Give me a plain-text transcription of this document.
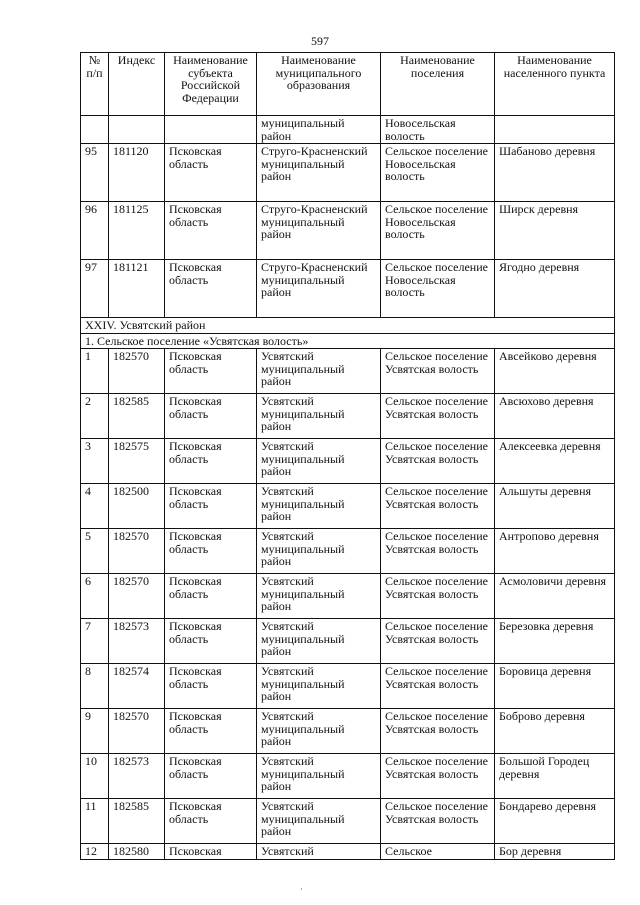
597
№ п/п	Индекс	Наименование субъекта Российской Федерации	Наименование муниципального образования	Наименование поселения	Наименование населенного пункта
			муниципальный район	Новосельская волость	
95	181120	Псковская область	Струго-Красненский муниципальный район	Сельское поселение Новосельская волость	Шабаново деревня
96	181125	Псковская область	Струго-Красненский муниципальный район	Сельское поселение Новосельская волость	Ширск деревня
97	181121	Псковская область	Струго-Красненский муниципальный район	Сельское поселение Новосельская волость	Ягодно деревня
XXIV. Усвятский район					
1. Сельское поселение «Усвятская волость»					
1	182570	Псковская область	Усвятский муниципальный район	Сельское поселение Усвятская волость	Авсейково деревня
2	182585	Псковская область	Усвятский муниципальный район	Сельское поселение Усвятская волость	Авсюхово деревня
3	182575	Псковская область	Усвятский муниципальный район	Сельское поселение Усвятская волость	Алексеевка деревня
4	182500	Псковская область	Усвятский муниципальный район	Сельское поселение Усвятская волость	Альшуты деревня
5	182570	Псковская область	Усвятский муниципальный район	Сельское поселение Усвятская волость	Антропово деревня
6	182570	Псковская область	Усвятский муниципальный район	Сельское поселение Усвятская волость	Асмоловичи деревня
7	182573	Псковская область	Усвятский муниципальный район	Сельское поселение Усвятская волость	Березовка деревня
8	182574	Псковская область	Усвятский муниципальный район	Сельское поселение Усвятская волость	Боровица деревня
9	182570	Псковская область	Усвятский муниципальный район	Сельское поселение Усвятская волость	Боброво деревня
10	182573	Псковская область	Усвятский муниципальный район	Сельское поселение Усвятская волость	Большой Городец деревня
11	182585	Псковская область	Усвятский муниципальный район	Сельское поселение Усвятская волость	Бондарево деревня
12	182580	Псковская	Усвятский	Сельское	Бор деревня
·
